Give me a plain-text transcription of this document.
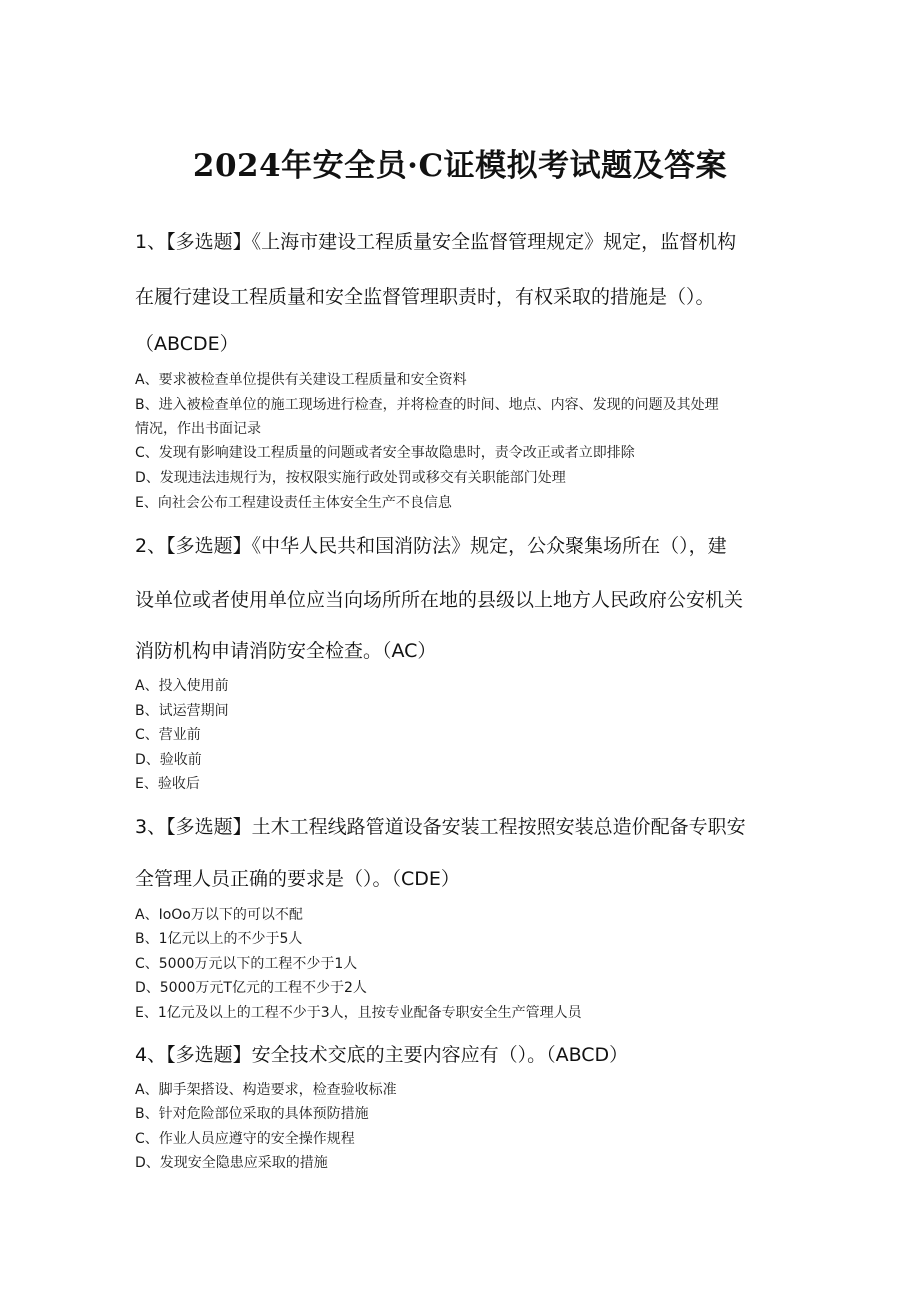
2024年安全员·C证模拟考试题及答案
1、【多选题】《上海市建设工程质量安全监督管理规定》规定，监督机构
在履行建设工程质量和安全监督管理职责时，有权采取的措施是（）。
（ABCDE）
A、要求被检查单位提供有关建设工程质量和安全资料
B、进入被检查单位的施工现场进行检查，并将检查的时间、地点、内容、发现的问题及其处理
情况，作出书面记录
C、发现有影响建设工程质量的问题或者安全事故隐患时，责令改正或者立即排除
D、发现违法违规行为，按权限实施行政处罚或移交有关职能部门处理
E、向社会公布工程建设责任主体安全生产不良信息
2、【多选题】《中华人民共和国消防法》规定，公众聚集场所在（），建
设单位或者使用单位应当向场所所在地的县级以上地方人民政府公安机关
消防机构申请消防安全检查。（AC）
A、投入使用前
B、试运营期间
C、营业前
D、验收前
E、验收后
3、【多选题】土木工程线路管道设备安装工程按照安装总造价配备专职安
全管理人员正确的要求是（）。（CDE）
A、IoOo万以下的可以不配
B、1亿元以上的不少于5人
C、5000万元以下的工程不少于1人
D、5000万元T亿元的工程不少于2人
E、1亿元及以上的工程不少于3人，且按专业配备专职安全生产管理人员
4、【多选题】安全技术交底的主要内容应有（）。（ABCD）
A、脚手架搭设、构造要求，检查验收标准
B、针对危险部位采取的具体预防措施
C、作业人员应遵守的安全操作规程
D、发现安全隐患应采取的措施
